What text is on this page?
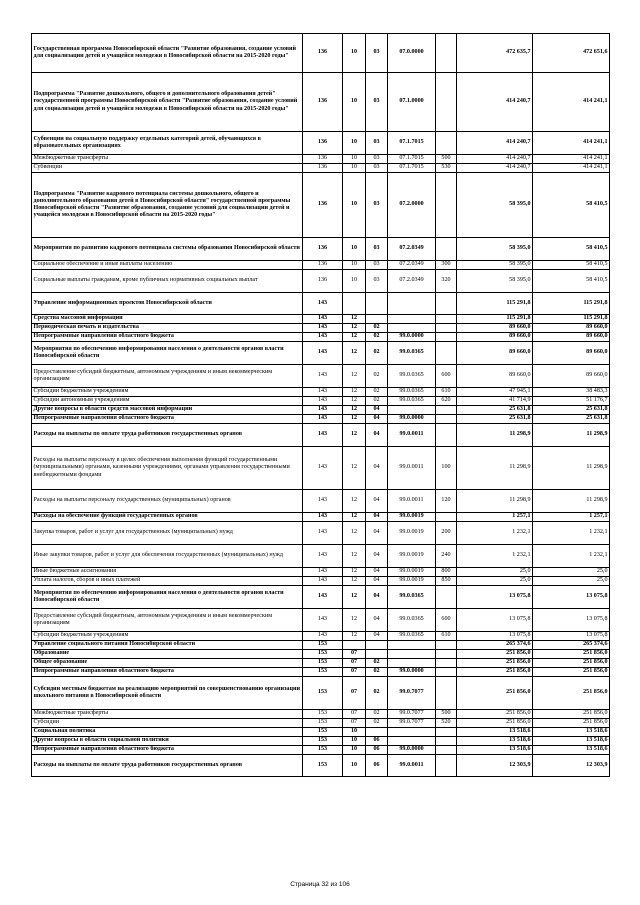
Государственная программа Новосибирской области "Развитие образования, создание условий для социализации детей и учащейся молодежи в Новосибирской области на 2015-2020 годы"	136	10	03	07.0.0000		472 635,7	472 651,6
Подпрограмма "Развитие дошкольного, общего и дополнительного образования детей" государственной программы Новосибирской области "Развитие образования, создание условий для социализации детей и учащейся молодежи в Новосибирской области на 2015-2020 годы"	136	10	03	07.1.0000		414 240,7	414 241,1
Субвенции на социальную поддержку отдельных категорий детей, обучающихся в образовательных организациях	136	10	03	07.1.7015		414 240,7	414 241,1
Межбюджетные трансферты	136	10	03	07.1.7015	500	414 240,7	414 241,1
Субвенции	136	10	03	07.1.7015	530	414 240,7	414 241,1
Подпрограмма "Развитие кадрового потенциала системы дошкольного, общего и дополнительного образования детей в Новосибирской области" государственной программы Новосибирской области "Развитие образования, создание условий для социализации детей и учащейся молодежи в Новосибирской области на 2015-2020 годы"	136	10	03	07.2.0000		58 395,0	58 410,5
Мероприятия по развитию кадрового потенциала системы образования Новосибирской области	136	10	03	07.2.0349		58 395,0	58 410,5
Социальное обеспечение и иные выплаты населению	136	10	03	07.2.0349	300	58 395,0	58 410,5
Социальные выплаты гражданам, кроме публичных нормативных социальных выплат	136	10	03	07.2.0349	320	58 395,0	58 410,5
Управление информационных проектов Новосибирской области	143					115 291,8	115 291,8
Средства массовой информации	143	12				115 291,8	115 291,8
Периодическая печать и издательства	143	12	02			89 660,0	89 660,0
Непрограммные направления областного бюджета	143	12	02	99.0.0000		89 660,0	89 660,0
Мероприятия по обеспечению информирования населения о деятельности органов власти Новосибирской области	143	12	02	99.0.0365		89 660,0	89 660,0
Предоставление субсидий бюджетным, автономным учреждениям и иным некоммерческим организациям	143	12	02	99.0.0365	600	89 660,0	89 660,0
Субсидии бюджетным учреждениям	143	12	02	99.0.0365	610	47 945,1	38 483,3
Субсидии автономным учреждениям	143	12	02	99.0.0365	620	41 714,9	51 176,7
Другие вопросы в области средств массовой информации	143	12	04			25 631,8	25 631,8
Непрограммные направления областного бюджета	143	12	04	99.0.0000		25 631,8	25 631,8
Расходы на выплаты по оплате труда работников государственных органов	143	12	04	99.0.0011		11 298,9	11 298,9
Расходы на выплаты персоналу в целях обеспечения выполнения функций государственными (муниципальными) органами, казенными учреждениями, органами управления государственными внебюджетными фондами	143	12	04	99.0.0011	100	11 298,9	11 298,9
Расходы на выплаты персоналу государственных (муниципальных) органов	143	12	04	99.0.0011	120	11 298,9	11 298,9
Расходы на обеспечение функций государственных органов	143	12	04	99.0.0019		1 257,1	1 257,1
Закупка товаров, работ и услуг для государственных (муниципальных) нужд	143	12	04	99.0.0019	200	1 232,1	1 232,1
Иные закупки товаров, работ и услуг для обеспечения государственных (муниципальных) нужд	143	12	04	99.0.0019	240	1 232,1	1 232,1
Иные бюджетные ассигнования	143	12	04	99.0.0019	800	25,0	25,0
Уплата налогов, сборов и иных платежей	143	12	04	99.0.0019	850	25,0	25,0
Мероприятия по обеспечению информирования населения о деятельности органов власти Новосибирской области	143	12	04	99.0.0365		13 075,8	13 075,8
Предоставление субсидий бюджетным, автономным учреждениям и иным некоммерческим организациям	143	12	04	99.0.0365	600	13 075,8	13 075,8
Субсидии бюджетным учреждениям	143	12	04	99.0.0365	610	13 075,8	13 075,8
Управление социального питания Новосибирской области	153					265 374,6	265 374,6
Образование	153	07				251 856,0	251 856,0
Общее образование	153	07	02			251 856,0	251 856,0
Непрограммные направления областного бюджета	153	07	02	99.0.0000		251 856,0	251 856,0
Субсидии местным бюджетам на реализацию мероприятий по совершенствованию организации школьного питания в Новосибирской области	153	07	02	99.0.7077		251 856,0	251 856,0
Межбюджетные трансферты	153	07	02	99.0.7077	500	251 856,0	251 856,0
Субсидии	153	07	02	99.0.7077	520	251 856,0	251 856,0
Социальная политика	153	10				13 518,6	13 518,6
Другие вопросы в области социальной политики	153	10	06			13 518,6	13 518,6
Непрограммные направления областного бюджета	153	10	06	99.0.0000		13 518,6	13 518,6
Расходы на выплаты по оплате труда работников государственных органов	153	10	06	99.0.0011		12 303,9	12 303,9
Страница 32 из 106
